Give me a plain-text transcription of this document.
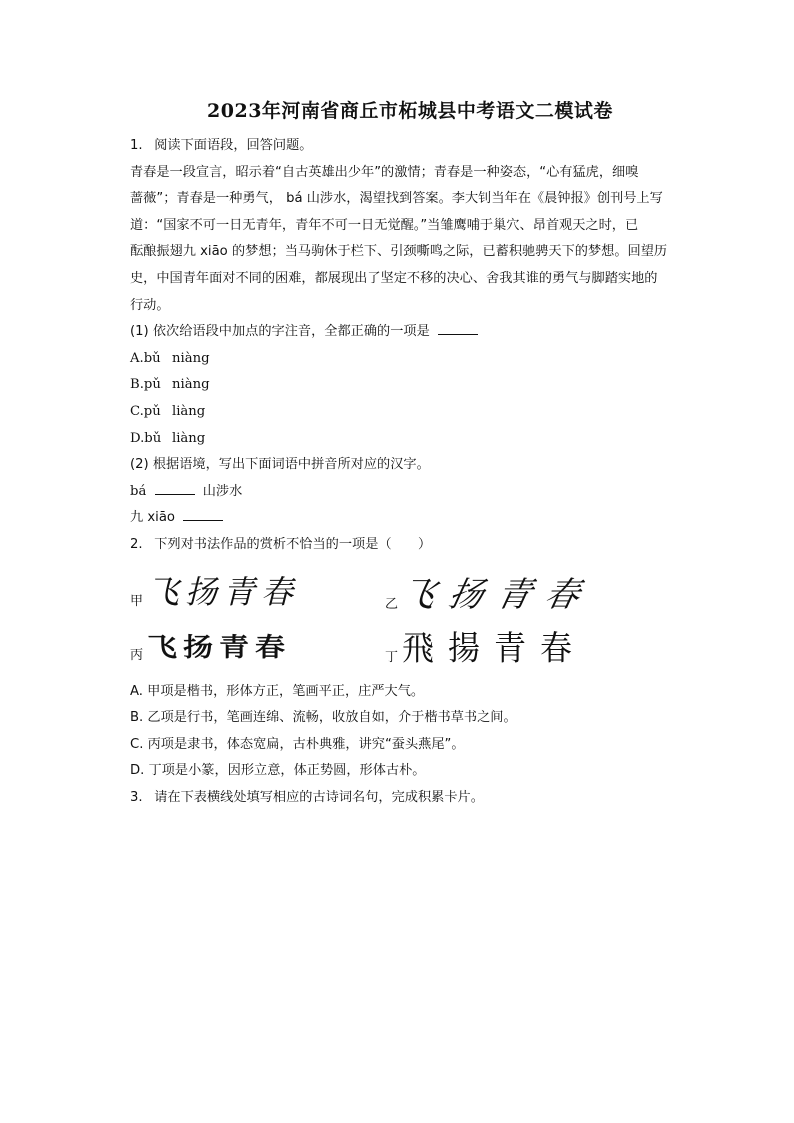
2023年河南省商丘市柘城县中考语文二模试卷
1. 阅读下面语段，回答问题。
青春是一段宣言，昭示着“自古英雄出少年”的激情；青春是一种姿态，“心有猛虎，细嗅
蔷薇”；青春是一种勇气， bá 山涉水，渴望找到答案。李大钊当年在《晨钟报》创刊号上写
道：“国家不可一日无青年，青年不可一日无觉醒。”当雏鹰哺于巢穴、昂首观天之时，已
酝酿振翅九 xiāo 的梦想；当马驹休于栏下、引颈嘶鸣之际，已蓄积驰骋天下的梦想。回望历
史，中国青年面对不同的困难，都展现出了坚定不移的决心、舍我其谁的勇气与脚踏实地的
行动。
(1) 依次给语段中加点的字注音，全都正确的一项是
A.bǔ niàng
B.pǔ niàng
C.pǔ liàng
D.bǔ liàng
(2) 根据语境，写出下面词语中拼音所对应的汉字。
bá	山涉水
九 xiāo
2. 下列对书法作品的赏析不恰当的一项是（　　）
甲 飞扬青春	乙 飞扬青春
丙 飞扬青春	丁 飛揚青春
A. 甲项是楷书，形体方正，笔画平正，庄严大气。
B. 乙项是行书，笔画连绵、流畅，收放自如，介于楷书草书之间。
C. 丙项是隶书，体态宽扁，古朴典雅，讲究“蚕头燕尾”。
D. 丁项是小篆，因形立意，体正势圆，形体古朴。
3. 请在下表横线处填写相应的古诗词名句，完成积累卡片。
